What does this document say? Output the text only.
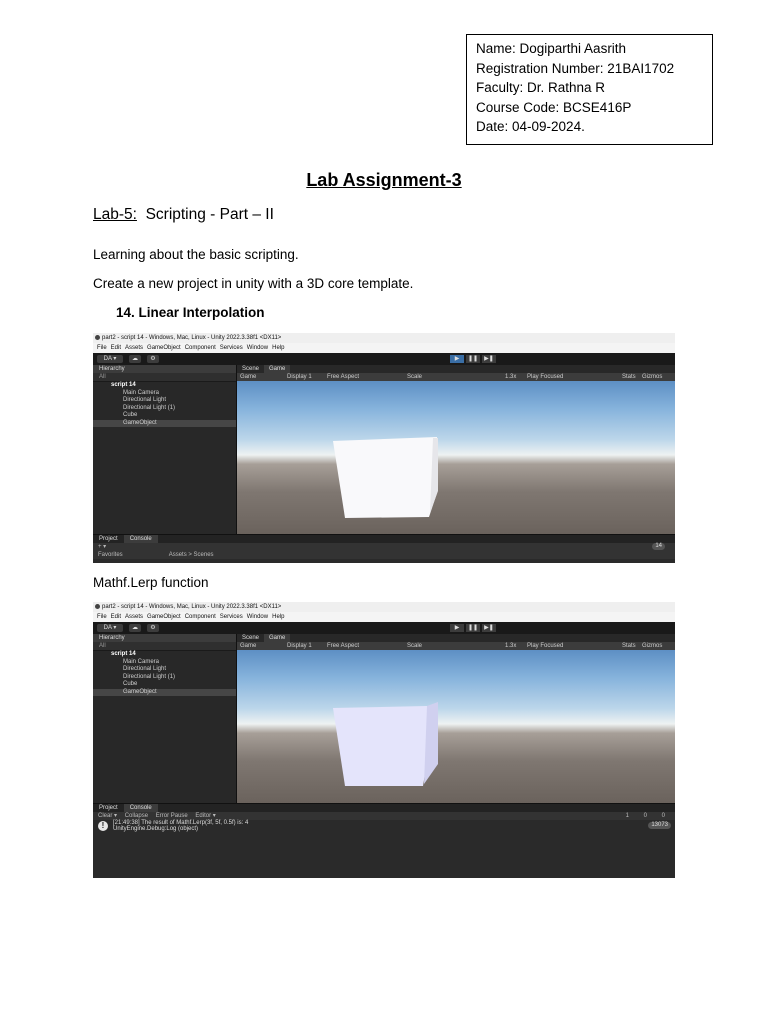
Name: Dogiparthi Aasrith
Registration Number: 21BAI1702
Faculty: Dr. Rathna R
Course Code: BCSE416P
Date: 04-09-2024.
Lab Assignment-3
Lab-5:  Scripting - Part – II
Learning about the basic scripting.
Create a new project in unity with a 3D core template.
14. Linear Interpolation
part2 - script 14 - Windows, Mac, Linux - Unity 2022.3.38f1 <DX11>
File Edit Assets GameObject Component Services Window Help
DA ▾	☁	⚙	▶	❚❚	▶❚
Hierarchy
All
script 14
Main Camera
Directional Light
Directional Light (1)
Cube
GameObject
Scene Game
Game	Display 1	Free Aspect	Scale	1.3x Play Focused	Stats Gizmos
Project Console
+ ▾	14
Favorites	Assets > Scenes
Mathf.Lerp function
part2 - script 14 - Windows, Mac, Linux - Unity 2022.3.38f1 <DX11>
File Edit Assets GameObject Component Services Window Help
DA ▾	☁	⚙	▶	❚❚	▶❚
Hierarchy
All
script 14
Main Camera
Directional Light
Directional Light (1)
Cube
GameObject
Scene Game
Game	Display 1	Free Aspect	Scale	1.3x Play Focused	Stats Gizmos
Project Console
Clear ▾ Collapse Error Pause Editor ▾	1 0 0
!	[21:49:38] The result of Mathf.Lerp(3f, 5f, 0.5f) is: 4
UnityEngine.Debug:Log (object)
13073
